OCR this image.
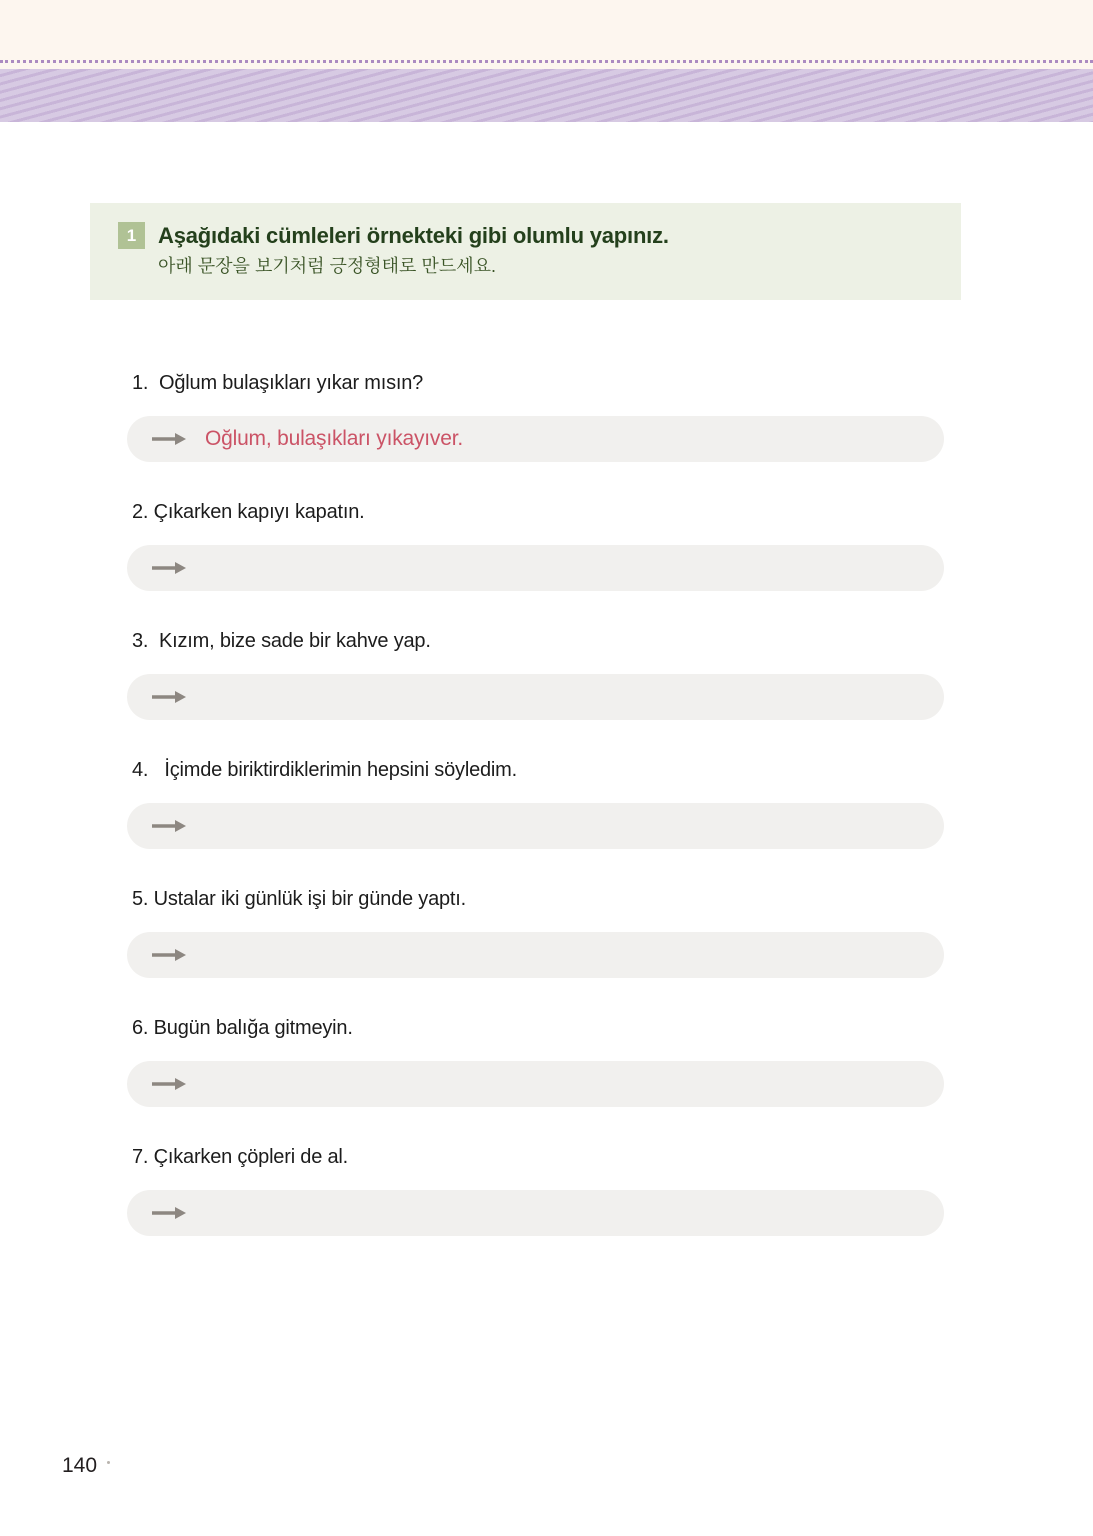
1 Aşağıdaki cümleleri örnekteki gibi olumlu yapınız.

아래 문장을 보기처럼 긍정형태로 만드세요.

1.  Oğlum bulaşıkları yıkar mısın?

Oğlum, bulaşıkları yıkayıver.

2. Çıkarken kapıyı kapatın.

3.  Kızım, bize sade bir kahve yap.

4.   İçimde biriktirdiklerimin hepsini söyledim.

5. Ustalar iki günlük işi bir günde yaptı.

6. Bugün balığa gitmeyin.

7. Çıkarken çöpleri de al.

140
